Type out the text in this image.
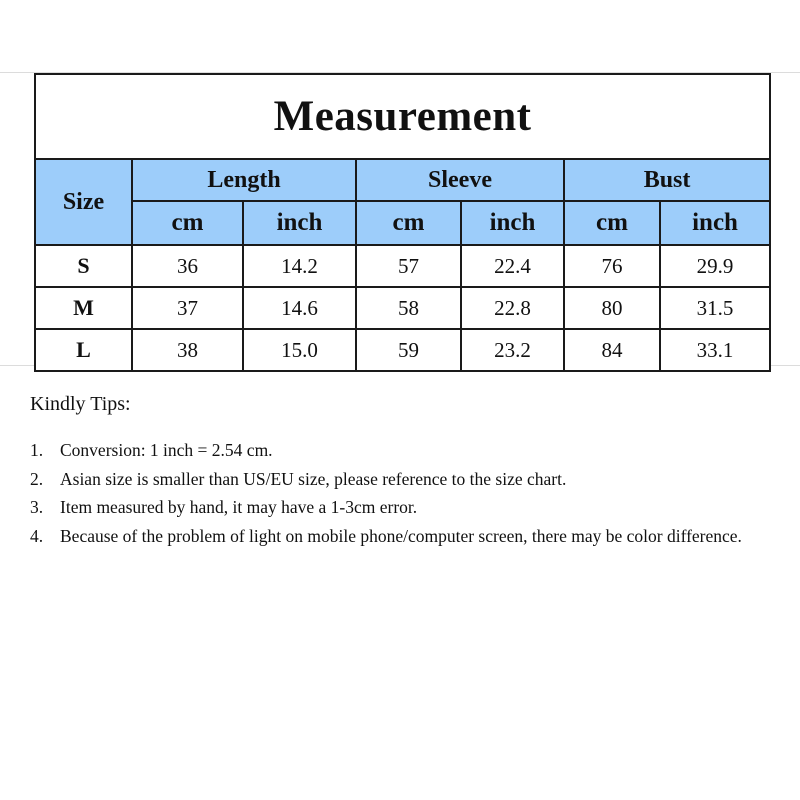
Measurement						
Size	Length		Sleeve		Bust	
	cm	inch	cm	inch	cm	inch
S	36	14.2	57	22.4	76	29.9
M	37	14.6	58	22.8	80	31.5
L	38	15.0	59	23.2	84	33.1
Kindly Tips:
1. Conversion: 1 inch = 2.54 cm.
2. Asian size is smaller than US/EU size, please reference to the size chart.
3. Item measured by hand, it may have a 1-3cm error.
4. Because of the problem of light on mobile phone/computer screen, there may be color difference.
